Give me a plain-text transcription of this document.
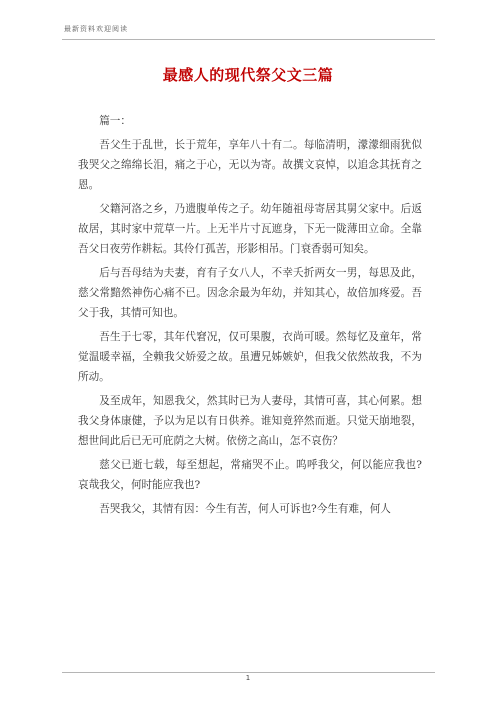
最新资料欢迎阅读
最感人的现代祭父文三篇

篇一：

吾父生于乱世，长于荒年，享年八十有二。每临清明，濛濛细雨犹似我哭父之绵绵长泪，痛之于心，无以为寄。故撰文哀悼，以追念其抚育之恩。

父籍河洛之乡，乃遗腹单传之子。幼年随祖母寄居其舅父家中。后返故居，其时家中荒草一片。上无半片寸瓦遮身，下无一陇薄田立命。全靠吾父日夜劳作耕耘。其伶仃孤苦，形影相吊。门衰香弱可知矣。

后与吾母结为夫妻，育有子女八人，不幸夭折两女一男，每思及此，慈父常黯然神伤心痛不已。因念余最为年幼，并知其心，故倍加疼爱。吾父于我，其情可知也。

吾生于七零，其年代窘况，仅可果腹，衣尚可暖。然每忆及童年，常觉温暖幸福，全赖我父娇爱之故。虽遭兄姊嫉妒，但我父依然故我，不为所动。

及至成年，知恩我父，然其时已为人妻母，其情可喜，其心何累。想我父身体康健，予以为足以有日供养。谁知竟猝然而逝。只觉天崩地裂，想世间此后已无可庇荫之大树。依傍之高山，怎不哀伤？

慈父已逝七载，每至想起，常痛哭不止。呜呼我父，何以能应我也?哀哉我父，何时能应我也?

吾哭我父，其情有因：今生有苦，何人可诉也?今生有难，何人

1
